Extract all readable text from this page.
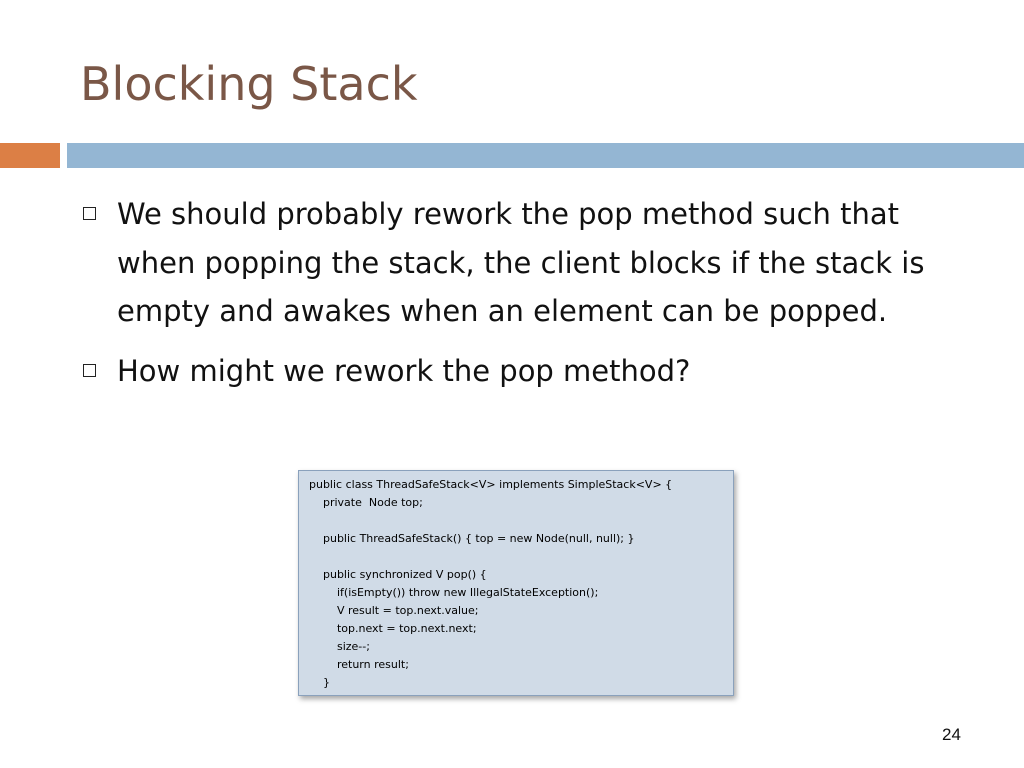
Blocking Stack
We should probably rework the pop method such that when popping the stack, the client blocks if the stack is empty and awakes when an element can be popped.
How might we rework the pop method?
public class ThreadSafeStack<V> implements SimpleStack<V> {
private  Node top;
public ThreadSafeStack() { top = new Node(null, null); }
public synchronized V pop() {
if(isEmpty()) throw new IllegalStateException();
V result = top.next.value;
top.next = top.next.next;
size--;
return result;
}
24
